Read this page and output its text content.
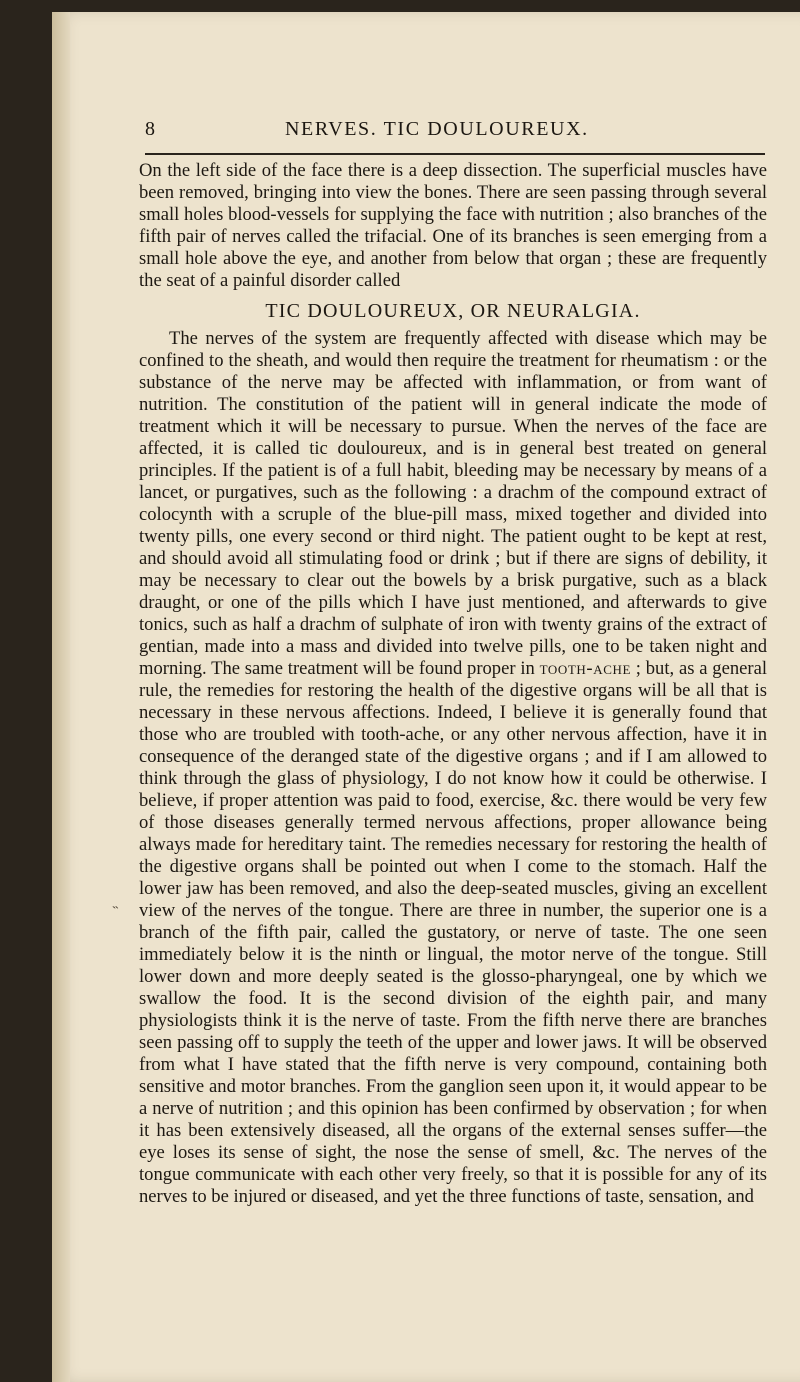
8	NERVES. TIC DOULOUREUX.
˵

On the left side of the face there is a deep dissection. The superficial muscles have been removed, bringing into view the bones. There are seen passing through several small holes blood-vessels for supplying the face with nutrition ; also branches of the fifth pair of nerves called the trifacial. One of its branches is seen emerging from a small hole above the eye, and another from below that organ ; these are frequently the seat of a painful disorder called

TIC DOULOUREUX, OR NEURALGIA.

The nerves of the system are frequently affected with disease which may be confined to the sheath, and would then require the treatment for rheumatism : or the substance of the nerve may be affected with inflammation, or from want of nutrition. The constitution of the patient will in general indicate the mode of treatment which it will be necessary to pursue. When the nerves of the face are affected, it is called tic douloureux, and is in general best treated on general principles. If the patient is of a full habit, bleeding may be necessary by means of a lancet, or purgatives, such as the following : a drachm of the compound extract of colocynth with a scruple of the blue-pill mass, mixed together and divided into twenty pills, one every second or third night. The patient ought to be kept at rest, and should avoid all stimulating food or drink ; but if there are signs of debility, it may be necessary to clear out the bowels by a brisk purgative, such as a black draught, or one of the pills which I have just mentioned, and afterwards to give tonics, such as half a drachm of sulphate of iron with twenty grains of the extract of gentian, made into a mass and divided into twelve pills, one to be taken night and morning. The same treatment will be found proper in tooth-ache ; but, as a general rule, the remedies for restoring the health of the digestive organs will be all that is necessary in these nervous affections. Indeed, I believe it is generally found that those who are troubled with tooth-ache, or any other nervous affection, have it in consequence of the deranged state of the digestive organs ; and if I am allowed to think through the glass of physiology, I do not know how it could be otherwise. I believe, if proper attention was paid to food, exercise, &c. there would be very few of those diseases generally termed nervous affections, proper allowance being always made for hereditary taint. The remedies necessary for restoring the health of the digestive organs shall be pointed out when I come to the stomach. Half the lower jaw has been removed, and also the deep-seated muscles, giving an excellent view of the nerves of the tongue. There are three in number, the superior one is a branch of the fifth pair, called the gustatory, or nerve of taste. The one seen immediately below it is the ninth or lingual, the motor nerve of the tongue. Still lower down and more deeply seated is the glosso-pharyngeal, one by which we swallow the food. It is the second division of the eighth pair, and many physiologists think it is the nerve of taste. From the fifth nerve there are branches seen passing off to supply the teeth of the upper and lower jaws. It will be observed from what I have stated that the fifth nerve is very compound, containing both sensitive and motor branches. From the ganglion seen upon it, it would appear to be a nerve of nutrition ; and this opinion has been confirmed by observation ; for when it has been extensively diseased, all the organs of the external senses suffer—the eye loses its sense of sight, the nose the sense of smell, &c. The nerves of the tongue communicate with each other very freely, so that it is possible for any of its nerves to be injured or diseased, and yet the three functions of taste, sensation, and
